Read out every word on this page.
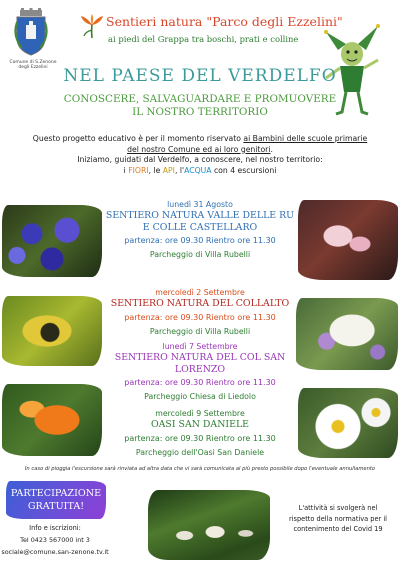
Comune di S.Zenone degli Ezzelini
Sentieri natura "Parco degli Ezzelini"
ai piedi del Grappa tra boschi, prati e colline
NEL PAESE DEL VERDELFO
CONOSCERE, SALVAGUARDARE E PROMUOVERE
IL NOSTRO TERRITORIO
Questo progetto educativo è per il momento riservato ai Bambini delle scuole primarie del nostro Comune ed ai loro genitori.
Iniziamo, guidati dal Verdelfo, a conoscere, nel nostro territorio:
i FIORI, le API, l'ACQUA con 4 escursioni
lunedì 31 Agosto
SENTIERO NATURA VALLE DELLE RU
E COLLE CASTELLARO
partenza: ore 09.30 Rientro ore 11.30
Parcheggio di Villa Rubelli
mercoledì 2 Settembre
SENTIERO NATURA DEL COLLALTO
partenza: ore 09.30 Rientro ore 11.30
Parcheggio di Villa Rubelli
lunedì 7 Settembre
SENTIERO NATURA DEL COL SAN LORENZO
partenza: ore 09.30 Rientro ore 11.30
Parcheggio Chiesa di Liedolo
mercoledì 9 Settembre
OASI SAN DANIELE
partenza: ore 09.30 Rientro ore 11.30
Parcheggio dell'Oasi San Daniele
In caso di pioggia l'escursione sarà rinviata ad altra data che vi sarà comunicata al più presto possibile dopo l'eventuale annullamento
PARTECIPAZIONE
GRATUITA!
Info e iscrizioni:
Tel 0423 567000 int 3
sociale@comune.san-zenone.tv.it
L'attività si svolgerà nel
rispetto della normativa per il
contenimento del Covid 19
